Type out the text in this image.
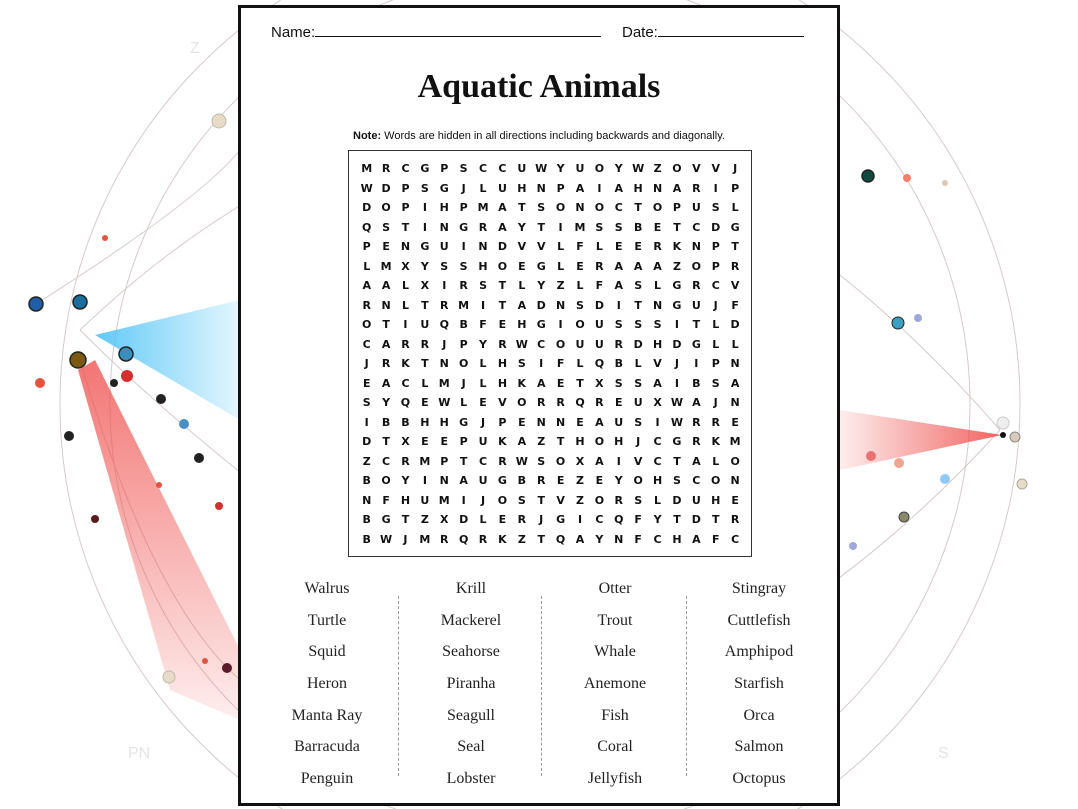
Z
PN	S
Name:	Date:
Aquatic Animals
Note: Words are hidden in all directions including backwards and diagonally.
M R	C G P	S	C	C U W Y U O Y W Z O V V	J
W D P	S G	J	L	U H N P	A	I	A H N A R	I	P
D O P	I	H P M A	T	S O N O C	T O P U S	L
Q S	T	I	N G R A	Y	T	I	M S	S	B	E	T	C D G
P	E	N G U	I	N D V V	L	F	L	E	E	R K N P	T
L M X	Y	S	S H O E	G	L	E	R A A A	Z O P	R
A A	L	X	I	R	S	T	L	Y	Z	L	F	A	S	L	G R	C	V
R N	L	T	R M	I	T	A D N S D	I	T	N G U	J	F
O T	I	U Q B	F	E	H G	I	O U S	S	S	I	T	L	D
C	A R R	J	P	Y	R W C O U U R D H D G	L	L
J	R K	T	N O	L	H S	I	F	L	Q B	L	V	J	I	P N
E	A	C	L M	J	L	H K A	E	T	X	S	S	A	I	B	S	A
S	Y Q E W L	E	V O R R Q R	E	U X W A	J	N
I	B	B H H G	J	P	E	N N	E	A U S	I	W R R	E
D	T	X	E	E	P U K A	Z	T	H O H	J	C G R K M
Z	C	R M P	T	C	R W S O X A	I	V	C	T	A	L	O
B O Y	I	N A U G B R	E	Z	E	Y O H S	C O N
N	F	H U M	I	J	O S	T	V	Z O R	S	L	D U H	E
B G	T	Z	X D	L	E	R	J	G	I	C Q F	Y	T	D	T	R
B W	J	M R Q R K	Z	T Q A	Y N	F	C H A	F	C
Walrus
Turtle
Squid
Heron
Manta Ray
Barracuda
Penguin
Krill
Mackerel
Seahorse
Piranha
Seagull
Seal
Lobster
Otter
Trout
Whale
Anemone
Fish
Coral
Jellyfish
Stingray
Cuttlefish
Amphipod
Starfish
Orca
Salmon
Octopus
